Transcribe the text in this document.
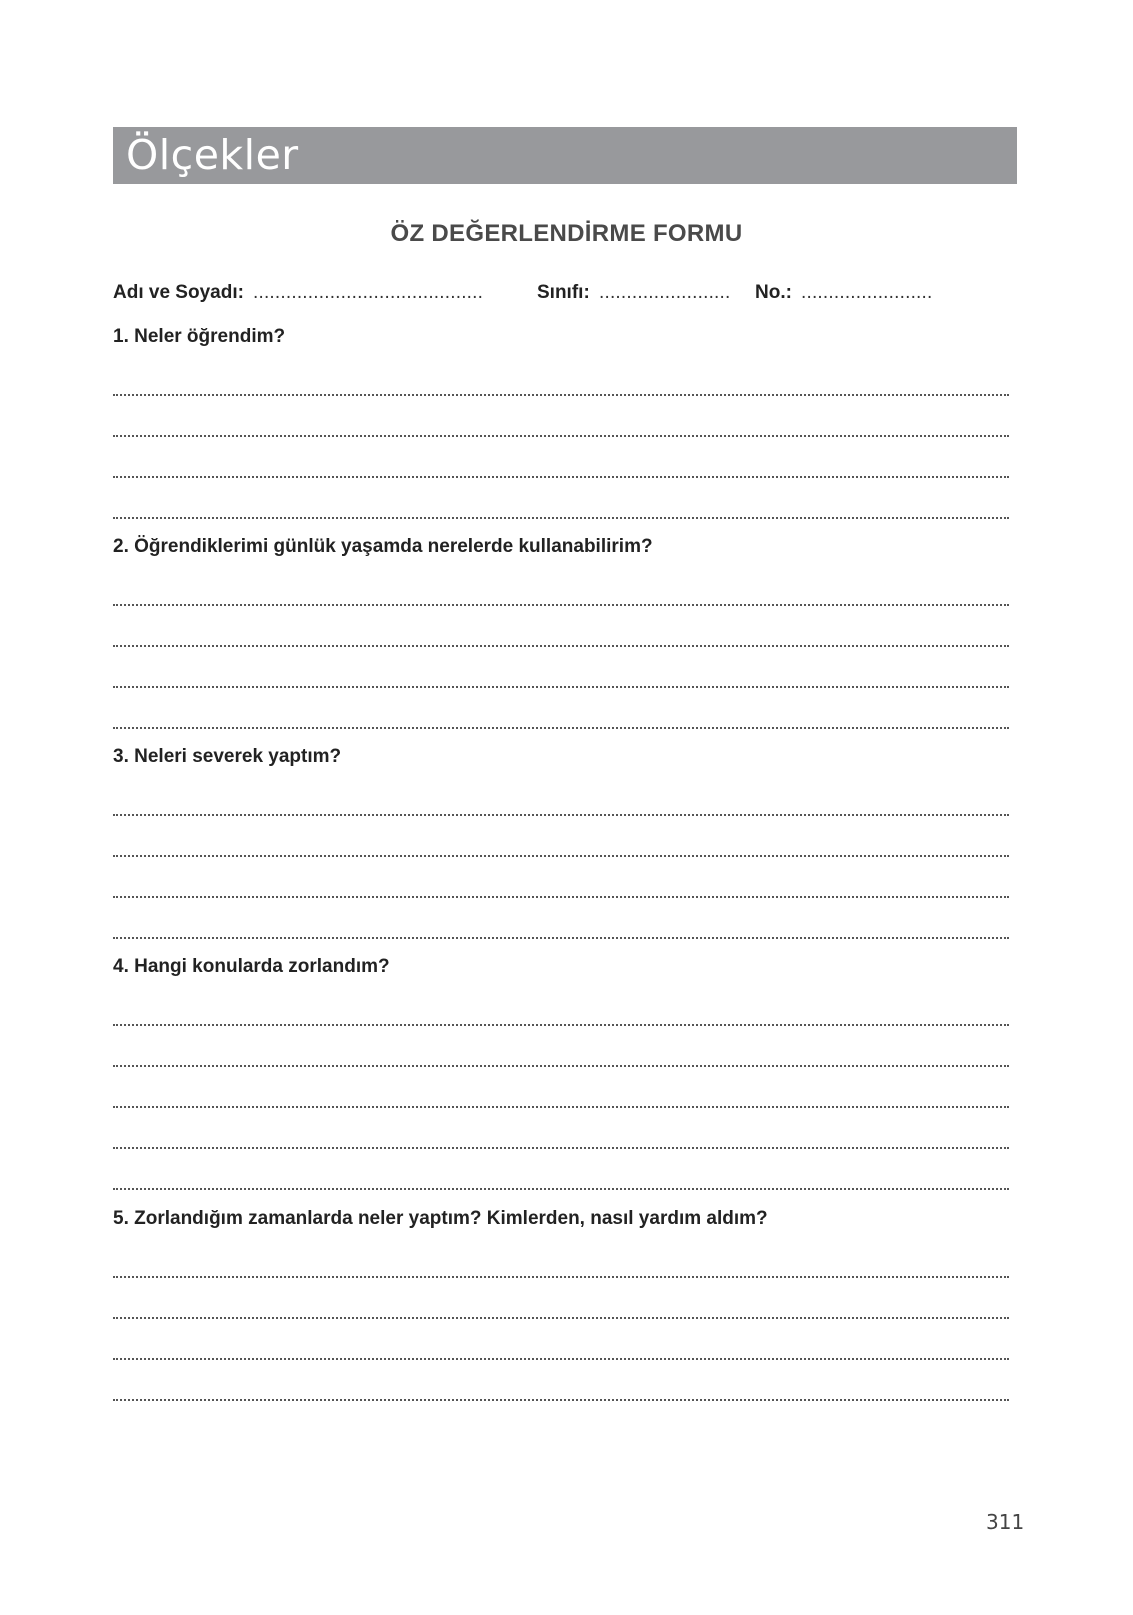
Ölçekler
ÖZ DEĞERLENDİRME FORMU
Adı ve Soyadı: ..........................................	Sınıfı: ........................ No.: ........................
1. Neler öğrendim?
2. Öğrendiklerimi günlük yaşamda nerelerde kullanabilirim?
3. Neleri severek yaptım?
4. Hangi konularda zorlandım?
5. Zorlandığım zamanlarda neler yaptım? Kimlerden, nasıl yardım aldım?
311
